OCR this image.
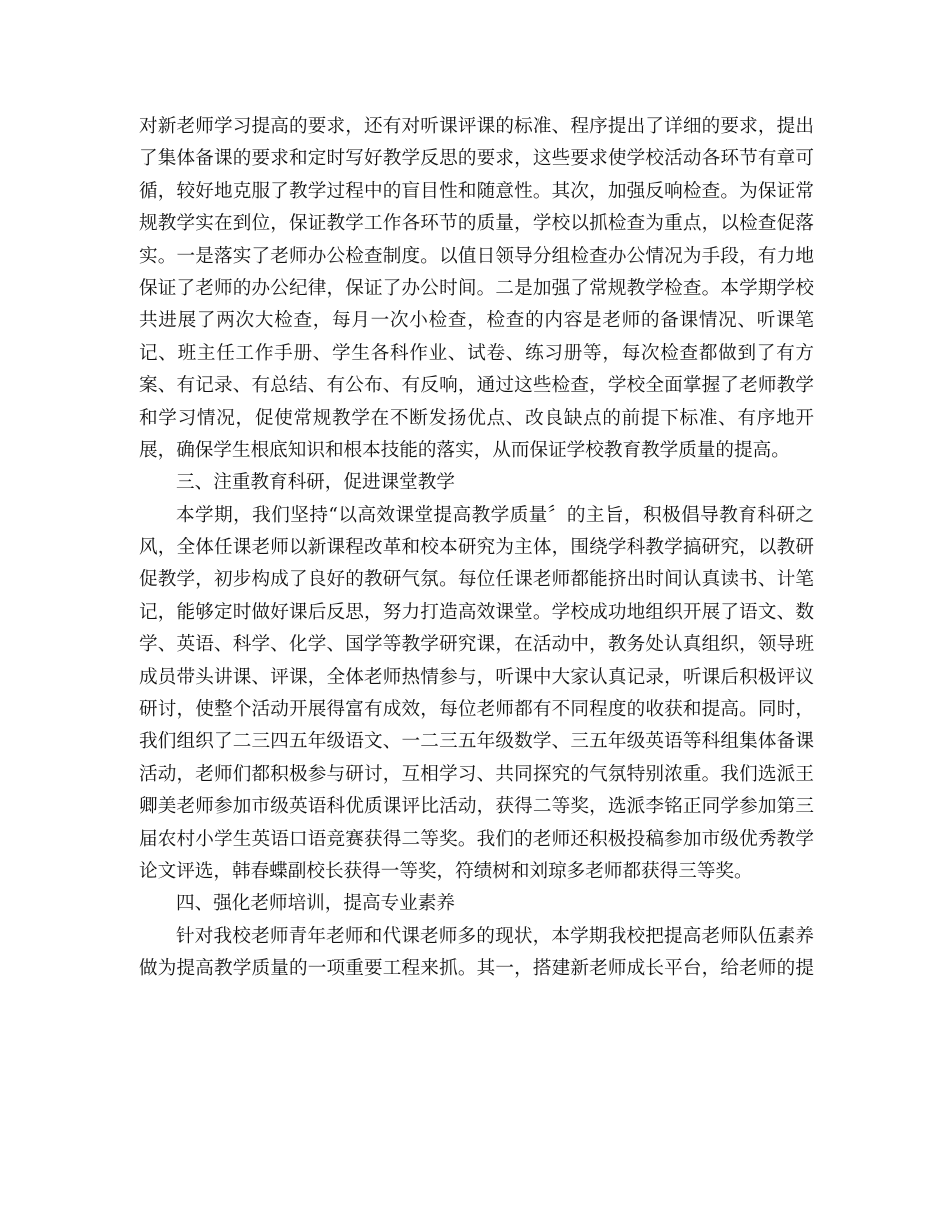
对新老师学习提高的要求，还有对听课评课的标准、程序提出了详细的要求，提出
了集体备课的要求和定时写好教学反思的要求，这些要求使学校活动各环节有章可
循，较好地克服了教学过程中的盲目性和随意性。其次，加强反响检查。为保证常
规教学实在到位，保证教学工作各环节的质量，学校以抓检查为重点，以检查促落
实。一是落实了老师办公检查制度。以值日领导分组检查办公情况为手段，有力地
保证了老师的办公纪律，保证了办公时间。二是加强了常规教学检查。本学期学校
共进展了两次大检查，每月一次小检查，检查的内容是老师的备课情况、听课笔
记、班主任工作手册、学生各科作业、试卷、练习册等，每次检查都做到了有方
案、有记录、有总结、有公布、有反响，通过这些检查，学校全面掌握了老师教学
和学习情况，促使常规教学在不断发扬优点、改良缺点的前提下标准、有序地开
展，确保学生根底知识和根本技能的落实，从而保证学校教育教学质量的提高。
三、注重教育科研，促进课堂教学
本学期，我们坚持“以高效课堂提高教学质量〞的主旨，积极倡导教育科研之
风，全体任课老师以新课程改革和校本研究为主体，围绕学科教学搞研究，以教研
促教学，初步构成了良好的教研气氛。每位任课老师都能挤出时间认真读书、计笔
记，能够定时做好课后反思，努力打造高效课堂。学校成功地组织开展了语文、数
学、英语、科学、化学、国学等教学研究课，在活动中，教务处认真组织，领导班
成员带头讲课、评课，全体老师热情参与，听课中大家认真记录，听课后积极评议
研讨，使整个活动开展得富有成效，每位老师都有不同程度的收获和提高。同时，
我们组织了二三四五年级语文、一二三五年级数学、三五年级英语等科组集体备课
活动，老师们都积极参与研讨，互相学习、共同探究的气氛特别浓重。我们选派王
卿美老师参加市级英语科优质课评比活动，获得二等奖，选派李铭正同学参加第三
届农村小学生英语口语竞赛获得二等奖。我们的老师还积极投稿参加市级优秀教学
论文评选，韩春蝶副校长获得一等奖，符绩树和刘琼多老师都获得三等奖。
四、强化老师培训，提高专业素养
针对我校老师青年老师和代课老师多的现状，本学期我校把提高老师队伍素养
做为提高教学质量的一项重要工程来抓。其一，搭建新老师成长平台，给老师的提
